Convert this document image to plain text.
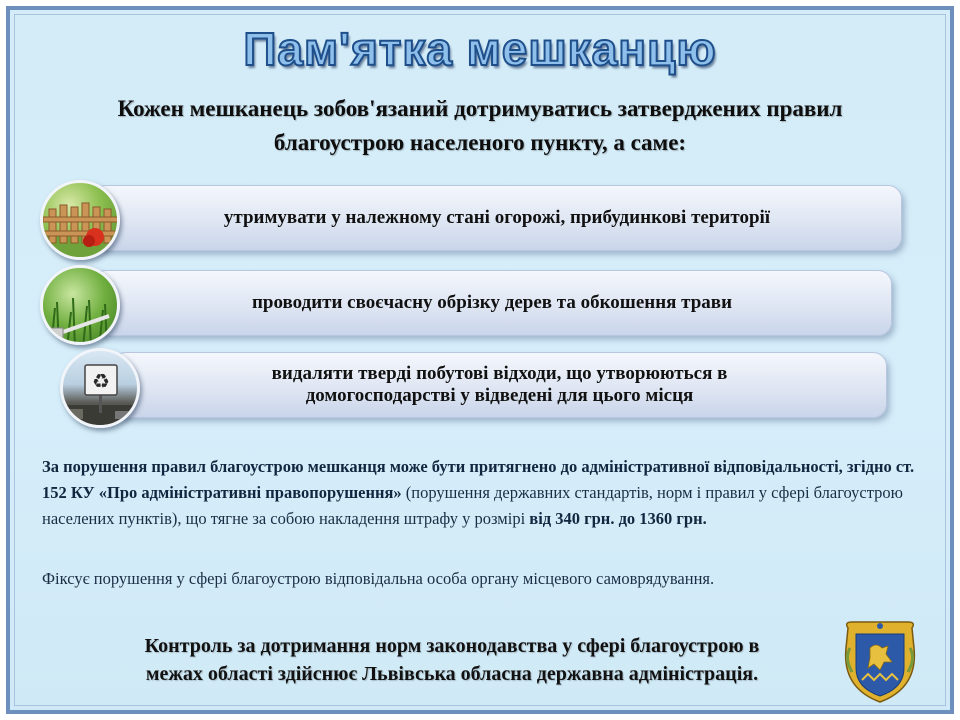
Пам'ятка мешканцю
Кожен мешканець зобов'язаний дотримуватись затверджених правил
благоустрою населеного пункту, а саме:
утримувати у належному стані огорожі, прибудинкові території
проводити своєчасну обрізку дерев та обкошення трави
видаляти тверді побутові відходи, що утворюються в
домогосподарстві у відведені для цього місця
♻
За порушення правил благоустрою мешканця може бути притягнено до адміністративної відповідальності, згідно ст. 152 КУ «Про адміністративні правопорушення» (порушення державних стандартів, норм і правил у сфері благоустрою населених пунктів), що тягне за собою накладення штрафу у розмірі від 340 грн. до 1360 грн.
Фіксує порушення у сфері благоустрою відповідальна особа органу місцевого самоврядування.
Контроль за дотримання норм законодавства у сфері благоустрою в
межах області здійснює Львівська обласна державна адміністрація.
